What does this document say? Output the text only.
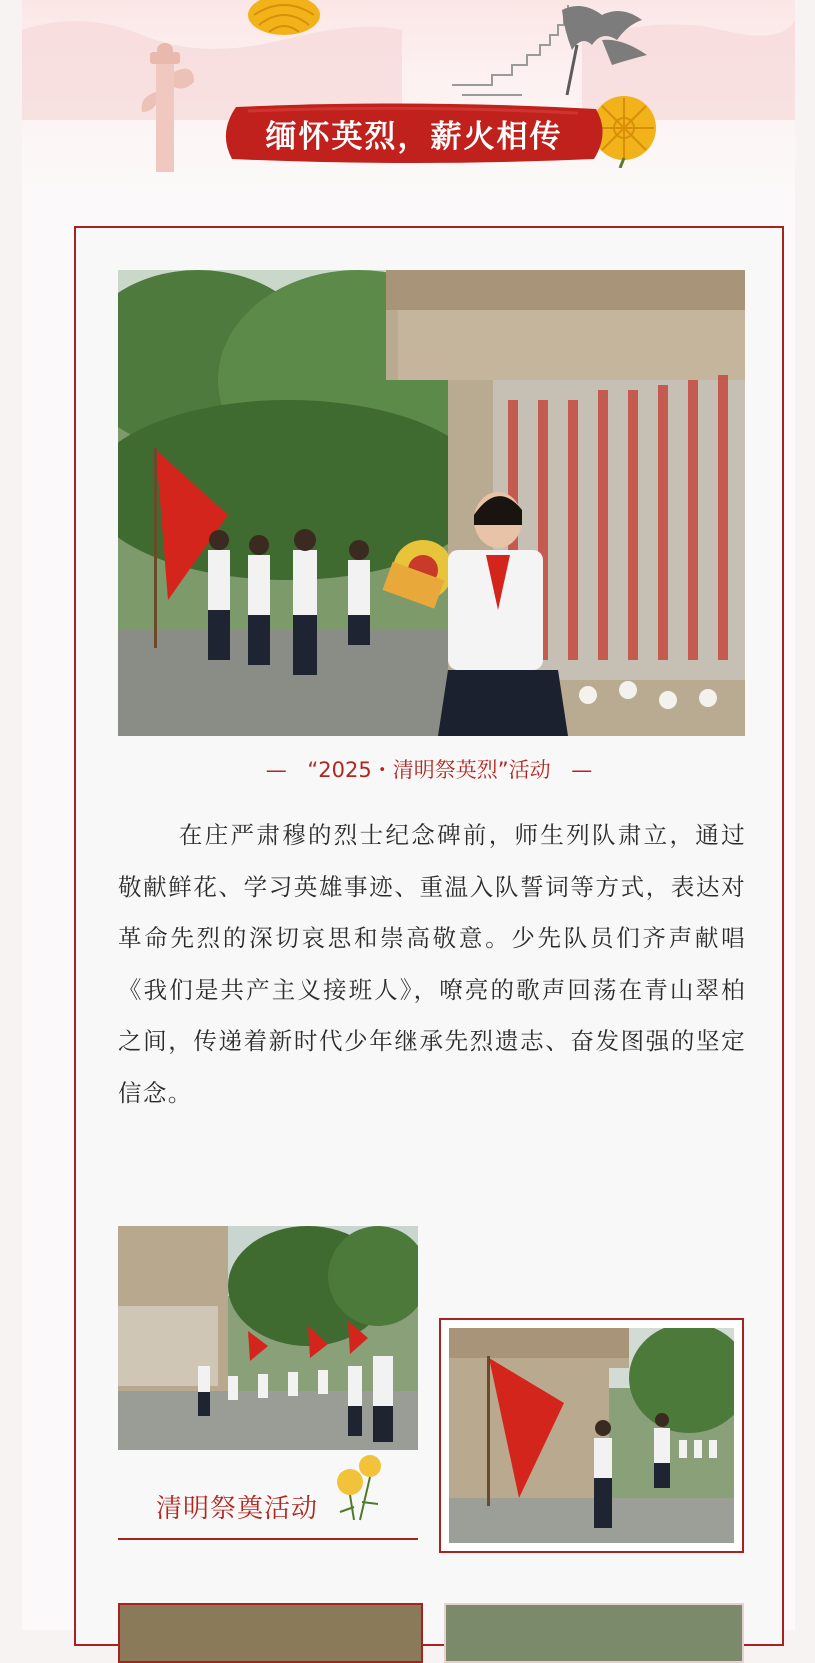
缅怀英烈，薪火相传
— “2025・清明祭英烈”活动 —
在庄严肃穆的烈士纪念碑前，师生列队肃立，通过敬献鲜花、学习英雄事迹、重温入队誓词等方式，表达对革命先烈的深切哀思和崇高敬意。少先队员们齐声献唱《我们是共产主义接班人》，嘹亮的歌声回荡在青山翠柏之间，传递着新时代少年继承先烈遗志、奋发图强的坚定信念。
清明祭奠活动
